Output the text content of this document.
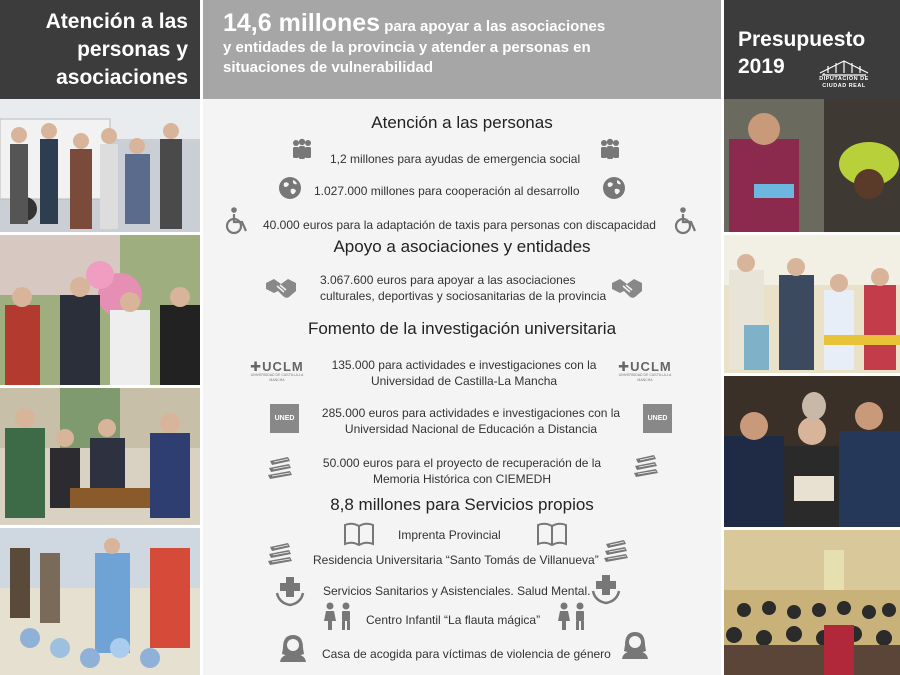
Atención a las
personas y
asociaciones
14,6 millones para apoyar a las asociaciones
y entidades de la provincia y atender a personas en
situaciones de vulnerabilidad
Presupuesto
2019
DIPUTACIÓN DE
CIUDAD REAL
Atención a las personas
1,2 millones para ayudas de emergencia social
1.027.000 millones para cooperación al desarrollo
40.000 euros para la adaptación de taxis para personas con discapacidad
Apoyo a asociaciones y entidades
3.067.600 euros para apoyar a las asociaciones
culturales, deportivas y sociosanitarias de la provincia
Fomento de la investigación universitaria
✚UCLM
UNIVERSIDAD DE CASTILLA-LA MANCHA
135.000 para actividades e investigaciones con la
Universidad de Castilla-La Mancha
✚UCLM
UNIVERSIDAD DE CASTILLA-LA MANCHA
UNED	285.000 euros para actividades e investigaciones con la
Universidad Nacional de Educación a Distancia
UNED
50.000 euros para el proyecto de recuperación de la
Memoria Histórica con CIEMEDH
8,8 millones para Servicios propios
Imprenta Provincial
Residencia Universitaria “Santo Tomás de Villanueva”
Servicios Sanitarios y Asistenciales. Salud Mental.
Centro Infantil “La flauta mágica”
Casa de acogida para víctimas de violencia de género
